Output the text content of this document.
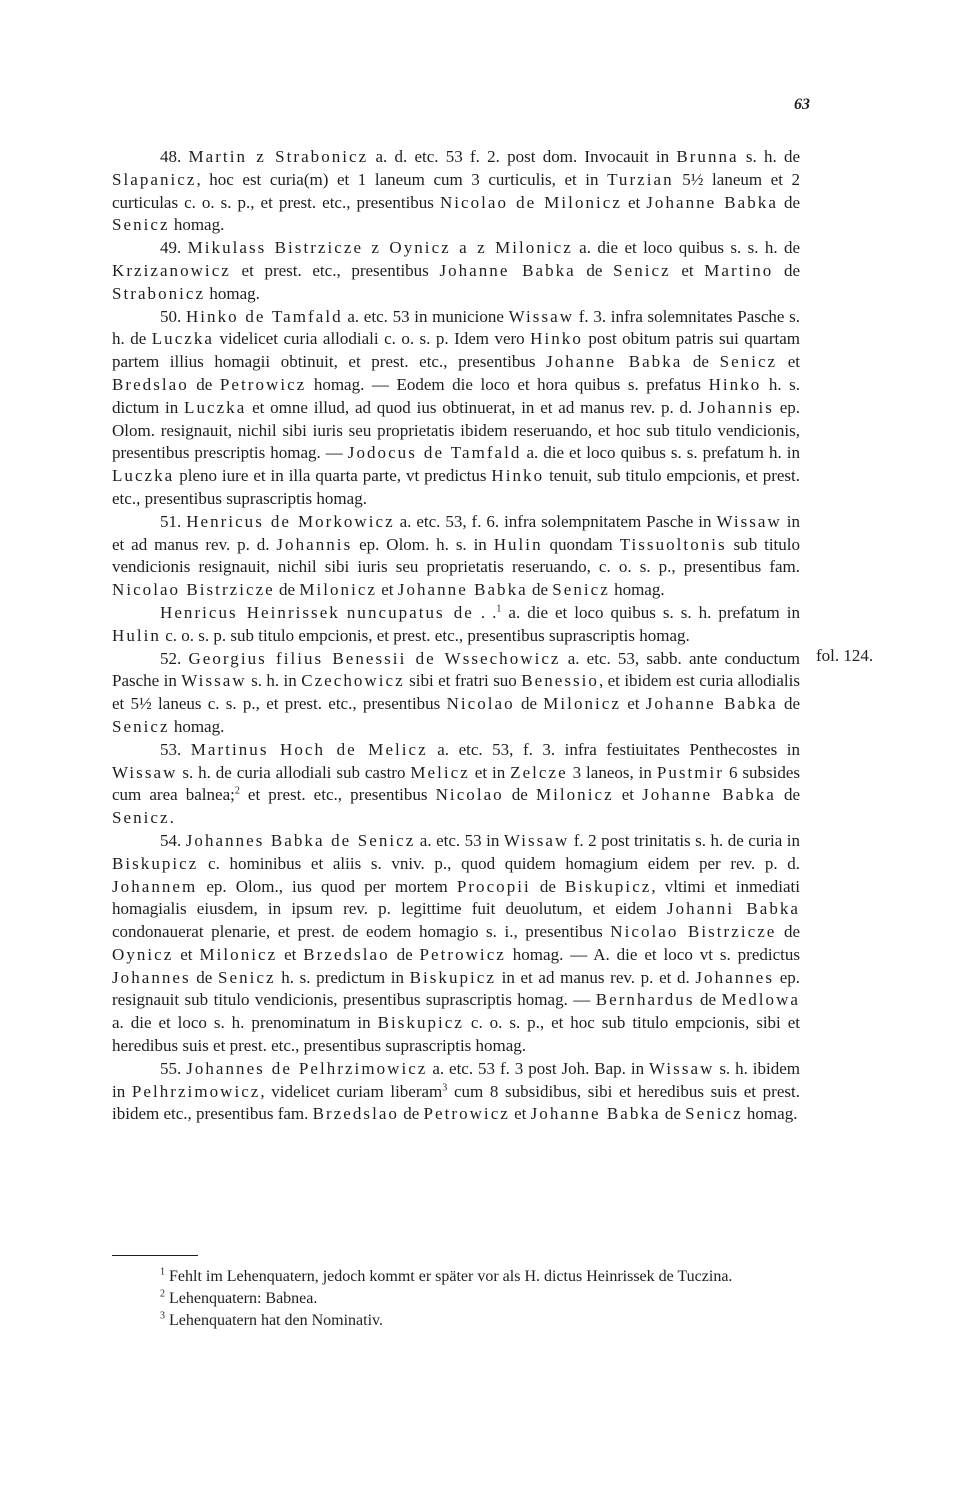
63
fol. 124.

48. Martin z Strabonicz a. d. etc. 53 f. 2. post dom. Invocauit in Brunna s. h. de Slapanicz, hoc est curia(m) et 1 laneum cum 3 curticulis, et in Turzian 5½ laneum et 2 curticulas c. o. s. p., et prest. etc., presentibus Nicolao de Milonicz et Johanne Babka de Senicz homag.

49. Mikulass Bistrzicze z Oynicz a z Milonicz a. die et loco quibus s. s. h. de Krzizanowicz et prest. etc., presentibus Johanne Babka de Senicz et Martino de Strabonicz homag.

50. Hinko de Tamfald a. etc. 53 in municione Wissaw f. 3. infra solemnitates Pasche s. h. de Luczka videlicet curia allodiali c. o. s. p. Idem vero Hinko post obitum patris sui quartam partem illius homagii obtinuit, et prest. etc., presentibus Johanne Babka de Senicz et Bredslao de Petrowicz homag. — Eodem die loco et hora quibus s. prefatus Hinko h. s. dictum in Luczka et omne illud, ad quod ius obtinuerat, in et ad manus rev. p. d. Johannis ep. Olom. resignauit, nichil sibi iuris seu proprietatis ibidem reseruando, et hoc sub titulo vendicionis, presentibus prescriptis homag. — Jodocus de Tamfald a. die et loco quibus s. s. prefatum h. in Luczka pleno iure et in illa quarta parte, vt predictus Hinko tenuit, sub titulo empcionis, et prest. etc., presentibus suprascriptis homag.

51. Henricus de Morkowicz a. etc. 53, f. 6. infra solempnitatem Pasche in Wissaw in et ad manus rev. p. d. Johannis ep. Olom. h. s. in Hulin quondam Tissuoltonis sub titulo vendicionis resignauit, nichil sibi iuris seu proprietatis reseruando, c. o. s. p., presentibus fam. Nicolao Bistrzicze de Milonicz et Johanne Babka de Senicz homag.

Henricus Heinrissek nuncupatus de . .$^1$ a. die et loco quibus s. s. h. prefatum in Hulin c. o. s. p. sub titulo empcionis, et prest. etc., presentibus suprascriptis homag.

52. Georgius filius Benessii de Wssechowicz a. etc. 53, sabb. ante conductum Pasche in Wissaw s. h. in Czechowicz sibi et fratri suo Benessio, et ibidem est curia allodialis et 5½ laneus c. s. p., et prest. etc., presentibus Nicolao de Milonicz et Johanne Babka de Senicz homag.

53. Martinus Hoch de Melicz a. etc. 53, f. 3. infra festiuitates Penthecostes in Wissaw s. h. de curia allodiali sub castro Melicz et in Zelcze 3 laneos, in Pustmir 6 subsides cum area balnea;$^2$ et prest. etc., presentibus Nicolao de Milonicz et Johanne Babka de Senicz.

54. Johannes Babka de Senicz a. etc. 53 in Wissaw f. 2 post trinitatis s. h. de curia in Biskupicz c. hominibus et aliis s. vniv. p., quod quidem homagium eidem per rev. p. d. Johannem ep. Olom., ius quod per mortem Procopii de Biskupicz, vltimi et inmediati homagialis eiusdem, in ipsum rev. p. legittime fuit deuolutum, et eidem Johanni Babka condonauerat plenarie, et prest. de eodem homagio s. i., presentibus Nicolao Bistrzicze de Oynicz et Milonicz et Brzedslao de Petrowicz homag. — A. die et loco vt s. predictus Johannes de Senicz h. s. predictum in Biskupicz in et ad manus rev. p. et d. Johannes ep. resignauit sub titulo vendicionis, presentibus suprascriptis homag. — Bernhardus de Medlowa a. die et loco s. h. prenominatum in Biskupicz c. o. s. p., et hoc sub titulo empcionis, sibi et heredibus suis et prest. etc., presentibus suprascriptis homag.

55. Johannes de Pelhrzimowicz a. etc. 53 f. 3 post Joh. Bap. in Wissaw s. h. ibidem in Pelhrzimowicz, videlicet curiam liberam$^3$ cum 8 subsidibus, sibi et heredibus suis et prest. ibidem etc., presentibus fam. Brzedslao de Petrowicz et Johanne Babka de Senicz homag.

$^1$ Fehlt im Lehenquatern, jedoch kommt er später vor als H. dictus Heinrissek de Tuczina.

$^2$ Lehenquatern: Babnea.

$^3$ Lehenquatern hat den Nominativ.
